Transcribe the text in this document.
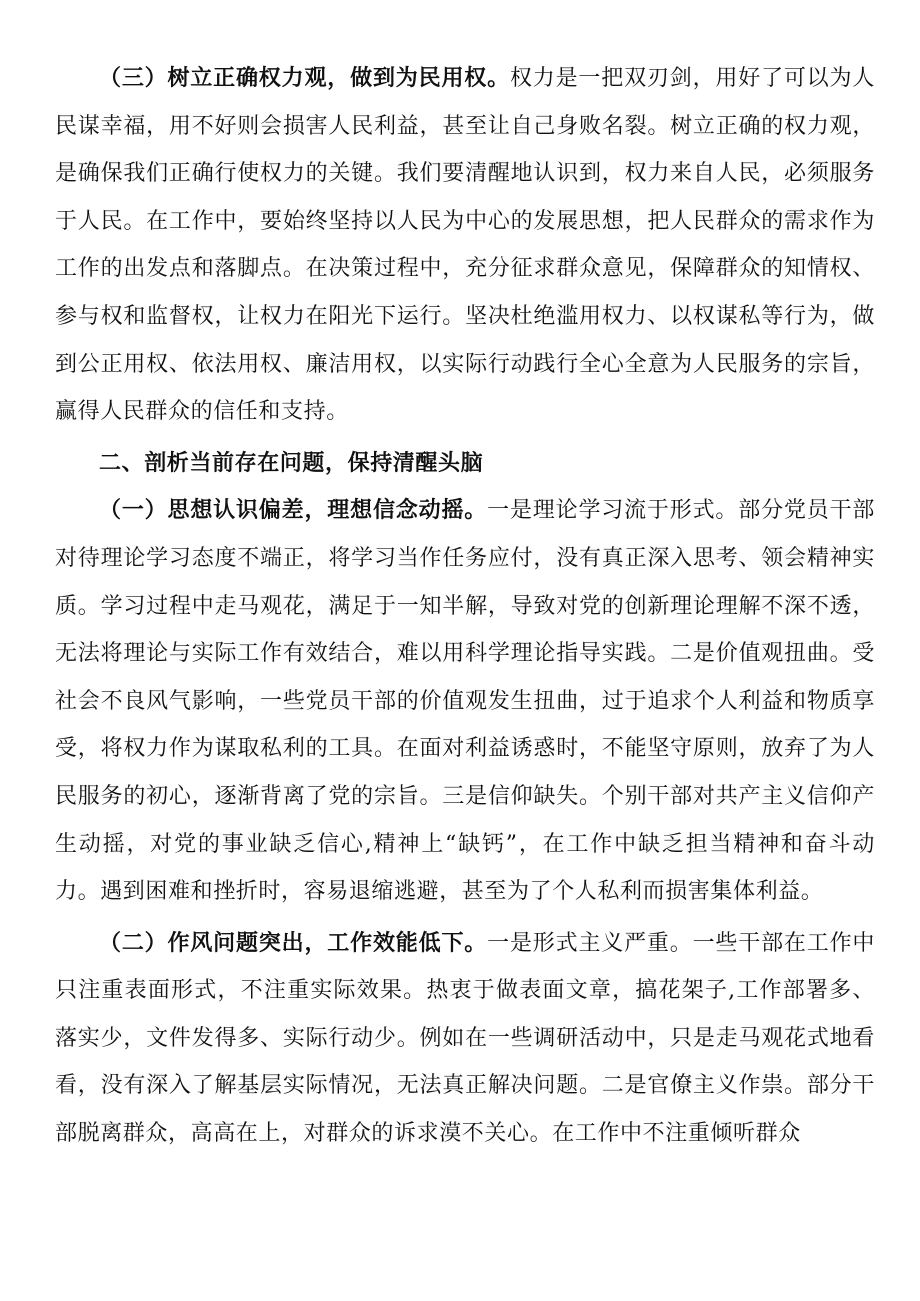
（三）树立正确权力观，做到为民用权。权力是一把双刃剑，用好了可以为人民谋幸福，用不好则会损害人民利益，甚至让自己身败名裂。树立正确的权力观，是确保我们正确行使权力的关键。我们要清醒地认识到，权力来自人民，必须服务于人民。在工作中，要始终坚持以人民为中心的发展思想，把人民群众的需求作为工作的出发点和落脚点。在决策过程中，充分征求群众意见，保障群众的知情权、参与权和监督权，让权力在阳光下运行。坚决杜绝滥用权力、以权谋私等行为，做到公正用权、依法用权、廉洁用权，以实际行动践行全心全意为人民服务的宗旨，赢得人民群众的信任和支持。

二、剖析当前存在问题，保持清醒头脑

（一）思想认识偏差，理想信念动摇。一是理论学习流于形式。部分党员干部对待理论学习态度不端正，将学习当作任务应付，没有真正深入思考、领会精神实质。学习过程中走马观花，满足于一知半解，导致对党的创新理论理解不深不透，无法将理论与实际工作有效结合，难以用科学理论指导实践。二是价值观扭曲。受社会不良风气影响，一些党员干部的价值观发生扭曲，过于追求个人利益和物质享受，将权力作为谋取私利的工具。在面对利益诱惑时，不能坚守原则，放弃了为人民服务的初心，逐渐背离了党的宗旨。三是信仰缺失。个别干部对共产主义信仰产生动摇，对党的事业缺乏信心,精神上“缺钙”，在工作中缺乏担当精神和奋斗动力。遇到困难和挫折时，容易退缩逃避，甚至为了个人私利而损害集体利益。

（二）作风问题突出，工作效能低下。一是形式主义严重。一些干部在工作中只注重表面形式，不注重实际效果。热衷于做表面文章，搞花架子,工作部署多、落实少，文件发得多、实际行动少。例如在一些调研活动中，只是走马观花式地看看，没有深入了解基层实际情况，无法真正解决问题。二是官僚主义作祟。部分干部脱离群众，高高在上，对群众的诉求漠不关心。在工作中不注重倾听群众
